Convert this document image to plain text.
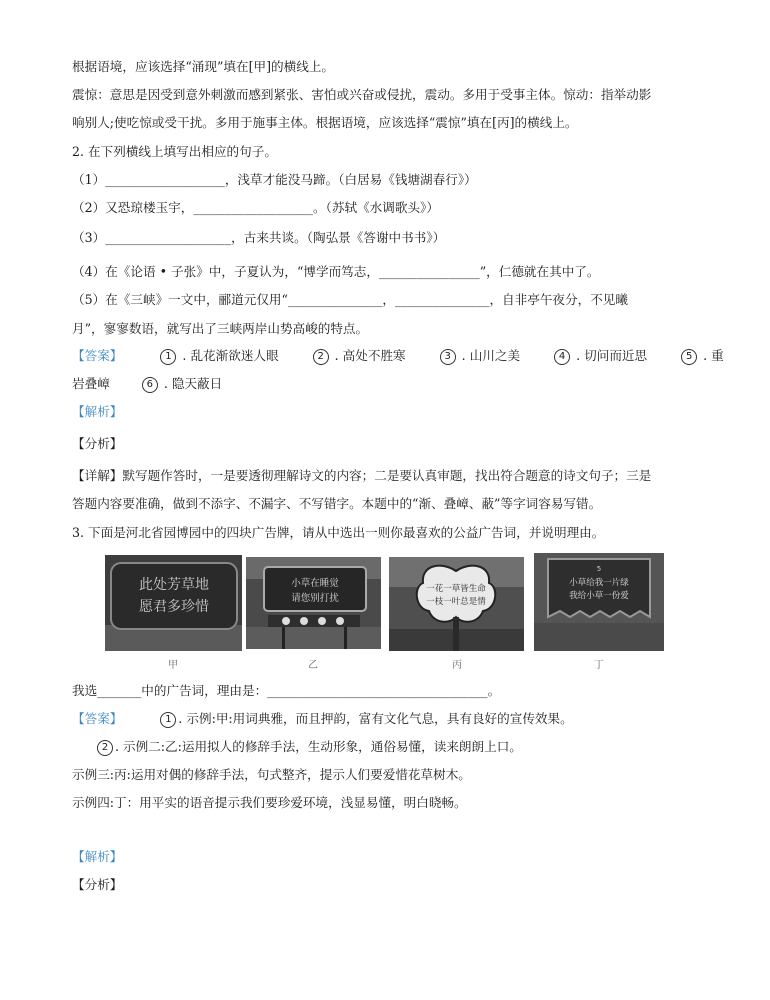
根据语境，应该选择“涌现”填在[甲]的横线上。
震惊：意思是因受到意外刺激而感到紧张、害怕或兴奋或侵扰，震动。多用于受事主体。惊动：指举动影
响别人;使吃惊或受干扰。多用于施事主体。根据语境，应该选择“震惊”填在[丙]的横线上。
2. 在下列横线上填写出相应的句子。
（1）___________________，浅草才能没马蹄。（白居易《钱塘湖春行》）
（2）又恐琼楼玉宇，___________________。（苏轼《水调歌头》）
（3）____________________，古来共谈。（陶弘景《答谢中书书》）
（4）在《论语 • 子张》中，子夏认为，“博学而笃志，________________”，仁德就在其中了。
（5）在《三峡》一文中，郦道元仅用“_______________，_______________，自非亭午夜分，不见曦
月”，寥寥数语，就写出了三峡两岸山势高峻的特点。
【答案】	1 . 乱花渐欲迷人眼	2 . 高处不胜寒	3 . 山川之美	4 . 切问而近思	5 . 重
岩叠嶂	6 . 隐天蔽日
【解析】
【分析】
【详解】默写题作答时，一是要透彻理解诗文的内容；二是要认真审题，找出符合题意的诗文句子；三是
答题内容要准确，做到不添字、不漏字、不写错字。本题中的“渐、叠嶂、蔽”等字词容易写错。
3. 下面是河北省园博园中的四块广告牌，请从中选出一则你最喜欢的公益广告词，并说明理由。
此处芳草地
愿君多珍惜
小草在睡觉
请您别打扰
一花一草皆生命
一枝一叶总是情
5
小草给我一片绿
我给小草一份爱
甲	乙	丙	丁
我选_______中的广告词，理由是：___________________________________。
【答案】	1 . 示例:甲:用词典雅，而且押韵，富有文化气息，具有良好的宣传效果。
2 . 示例二:乙:运用拟人的修辞手法，生动形象，通俗易懂，读来朗朗上口。
示例三:丙:运用对偶的修辞手法，句式整齐，提示人们要爱惜花草树木。
示例四:丁：用平实的语音提示我们要珍爱环境，浅显易懂，明白晓畅。
【解析】
【分析】
